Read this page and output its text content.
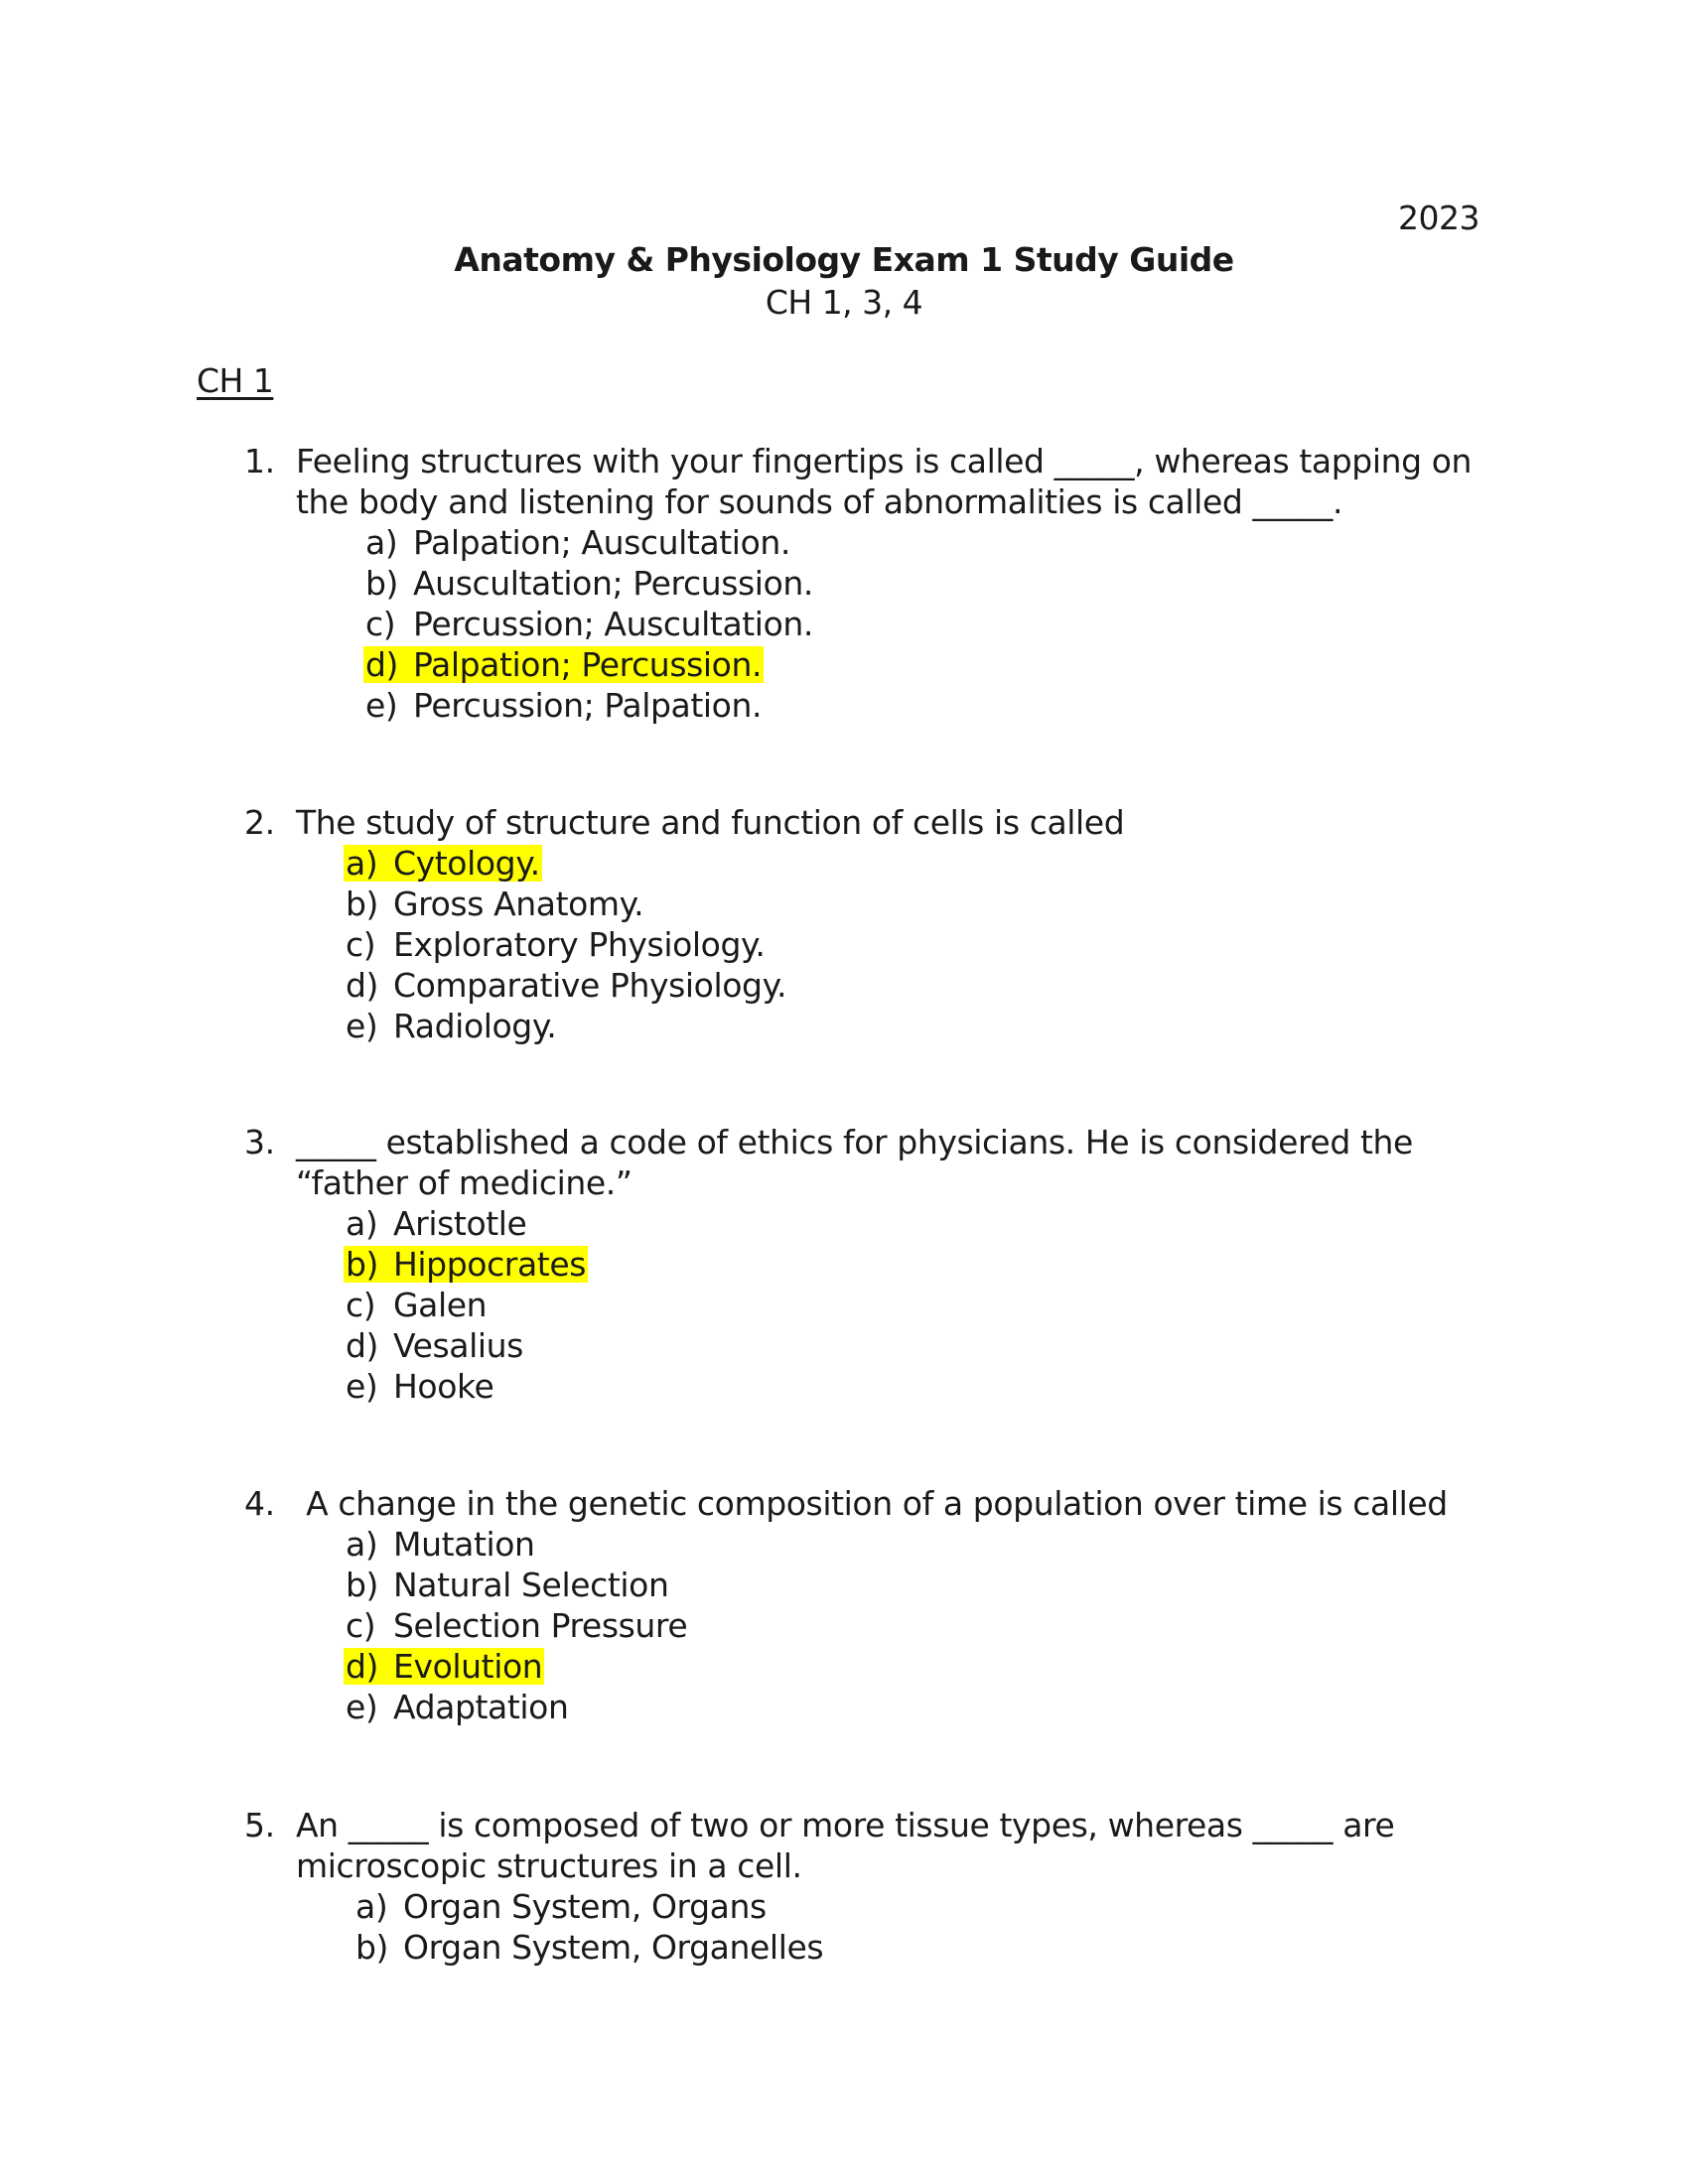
2023
Anatomy & Physiology Exam 1 Study Guide
CH 1, 3, 4
CH 1
1. Feeling structures with your fingertips is called _____, whereas tapping on the body and listening for sounds of abnormalities is called _____.
a) Palpation; Auscultation.
b) Auscultation; Percussion.
c) Percussion; Auscultation.
d) Palpation; Percussion.
e) Percussion; Palpation.
2. The study of structure and function of cells is called
a) Cytology.
b) Gross Anatomy.
c) Exploratory Physiology.
d) Comparative Physiology.
e) Radiology.
3. _____ established a code of ethics for physicians. He is considered the “father of medicine.”
a) Aristotle
b) Hippocrates
c) Galen
d) Vesalius
e) Hooke
4. A change in the genetic composition of a population over time is called
a) Mutation
b) Natural Selection
c) Selection Pressure
d) Evolution
e) Adaptation
5. An _____ is composed of two or more tissue types, whereas _____ are microscopic structures in a cell.
a) Organ System, Organs
b) Organ System, Organelles
